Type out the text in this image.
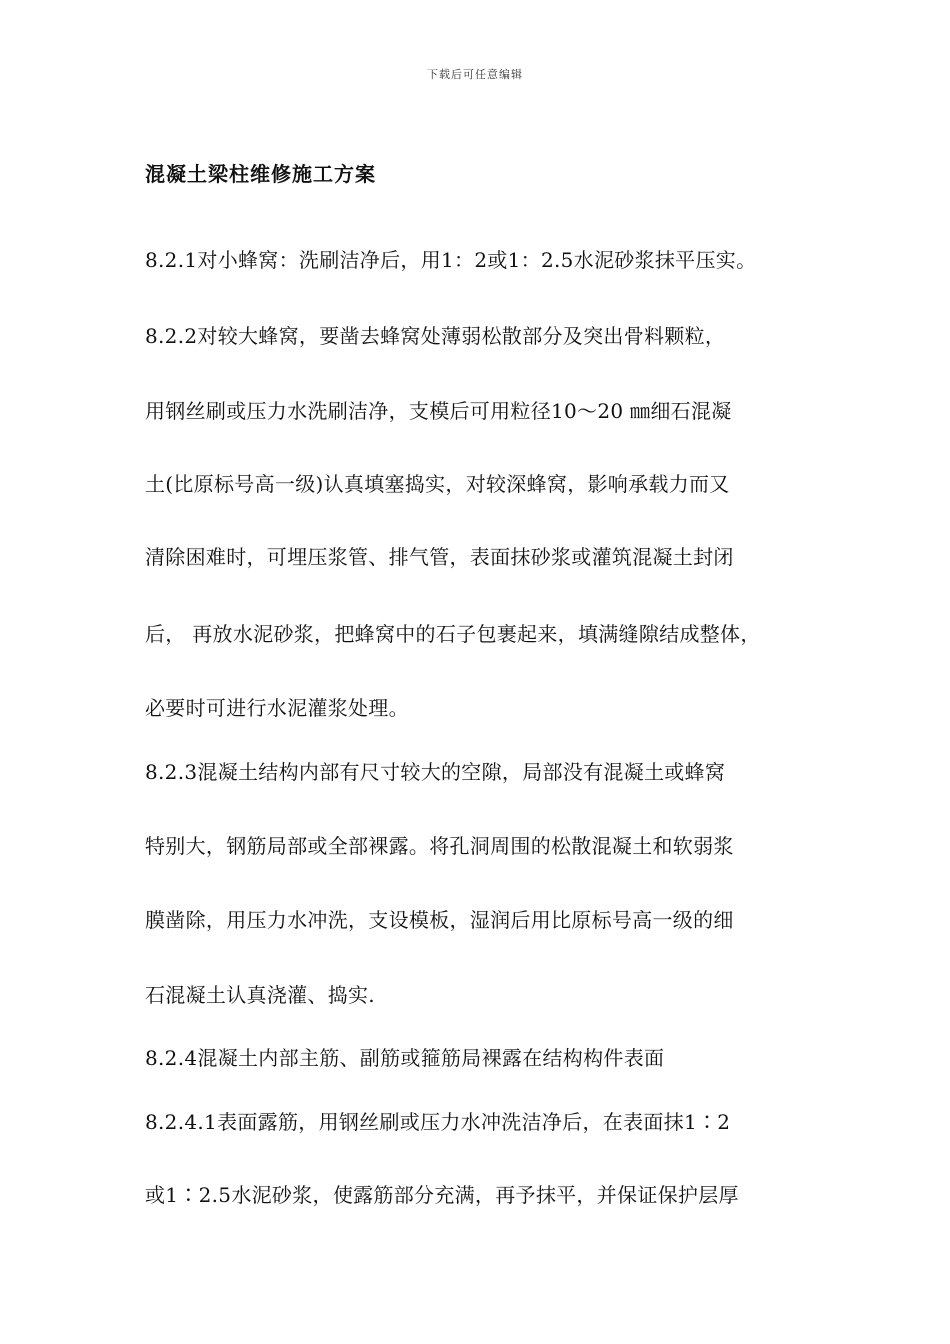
下载后可任意编辑
混凝土梁柱维修施工方案
8.2.1对小蜂窝：洗刷洁净后，用1：2或1：2.5水泥砂浆抹平压实。
8.2.2对较大蜂窝，要凿去蜂窝处薄弱松散部分及突出骨料颗粒，
用钢丝刷或压力水洗刷洁净，支模后可用粒径10～20 ㎜细石混凝
土(比原标号高一级)认真填塞捣实，对较深蜂窝，影响承载力而又
清除困难时，可埋压浆管、排气管，表面抹砂浆或灌筑混凝土封闭
后， 再放水泥砂浆，把蜂窝中的石子包裹起来，填满缝隙结成整体，
必要时可进行水泥灌浆处理。
8.2.3混凝土结构内部有尺寸较大的空隙，局部没有混凝土或蜂窝
特别大，钢筋局部或全部裸露。将孔洞周围的松散混凝土和软弱浆
膜凿除，用压力水冲洗，支设模板，湿润后用比原标号高一级的细
石混凝土认真浇灌、捣实.
8.2.4混凝土内部主筋、副筋或箍筋局裸露在结构构件表面
8.2.4.1表面露筋，用钢丝刷或压力水冲洗洁净后，在表面抹1∶2
或1∶2.5水泥砂浆，使露筋部分充满，再予抹平，并保证保护层厚
